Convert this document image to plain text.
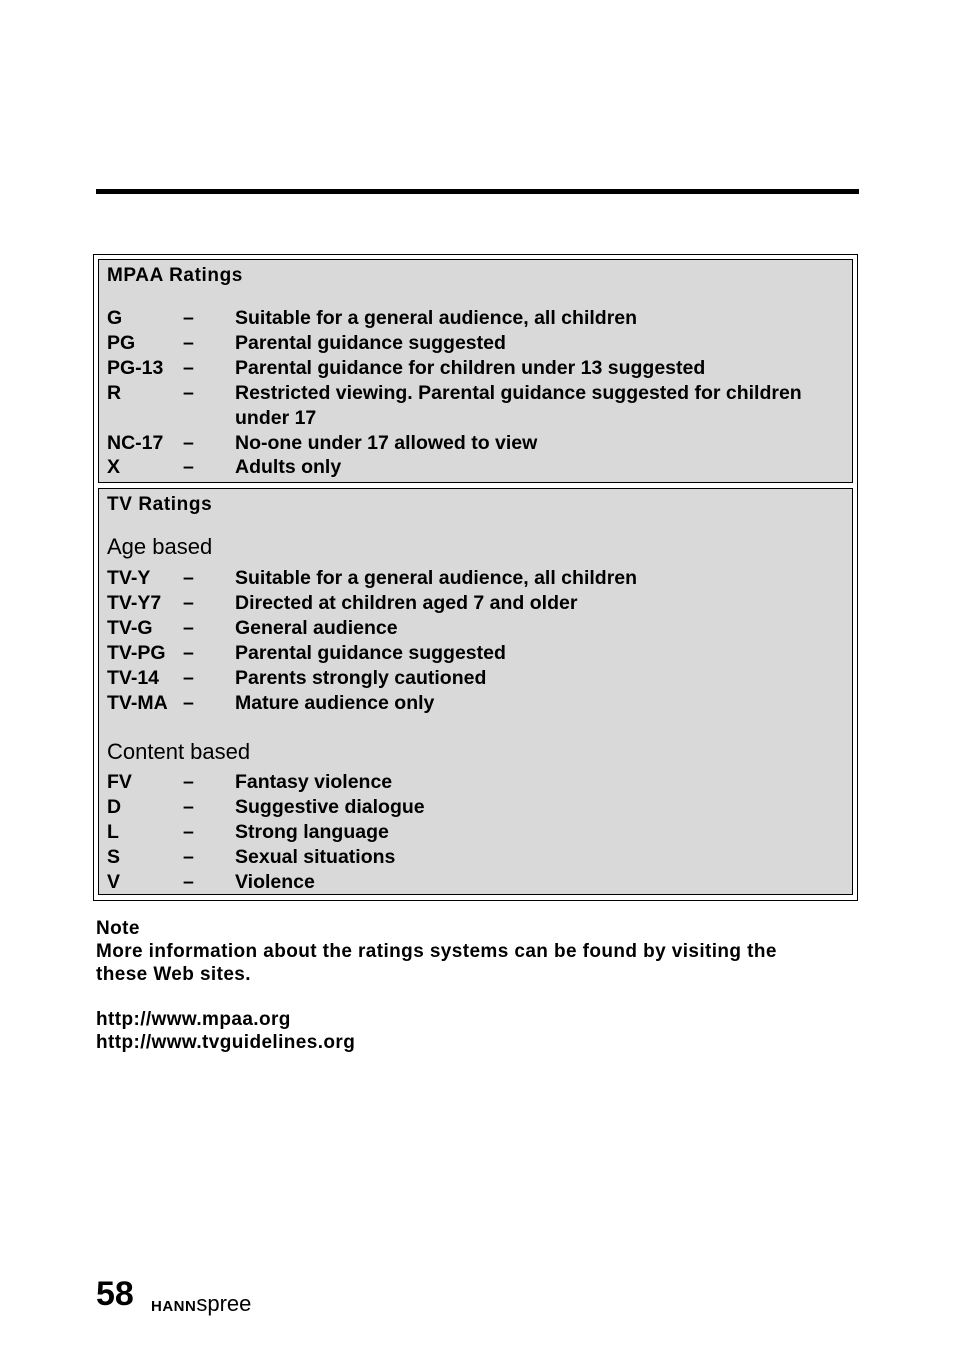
MPAA Ratings
G	– Suitable for a general audience, all children
PG – Parental guidance suggested
PG-13 – Parental guidance for children under 13 suggested
R	– Restricted viewing. Parental guidance suggested for children under 17
NC-17 – No-one under 17 allowed to view
X	– Adults only
TV Ratings
Age based
TV-Y – Suitable for a general audience, all children
TV-Y7 – Directed at children aged 7 and older
TV-G – General audience
TV-PG – Parental guidance suggested
TV-14 – Parents strongly cautioned
TV-MA – Mature audience only
Content based
FV	– Fantasy violence
D	– Suggestive dialogue
L	– Strong language
S	– Sexual situations
V	– Violence
Note
More information about the ratings systems can be found by visiting the
these Web sites.
http://www.mpaa.org
http://www.tvguidelines.org
58 HANNspree
